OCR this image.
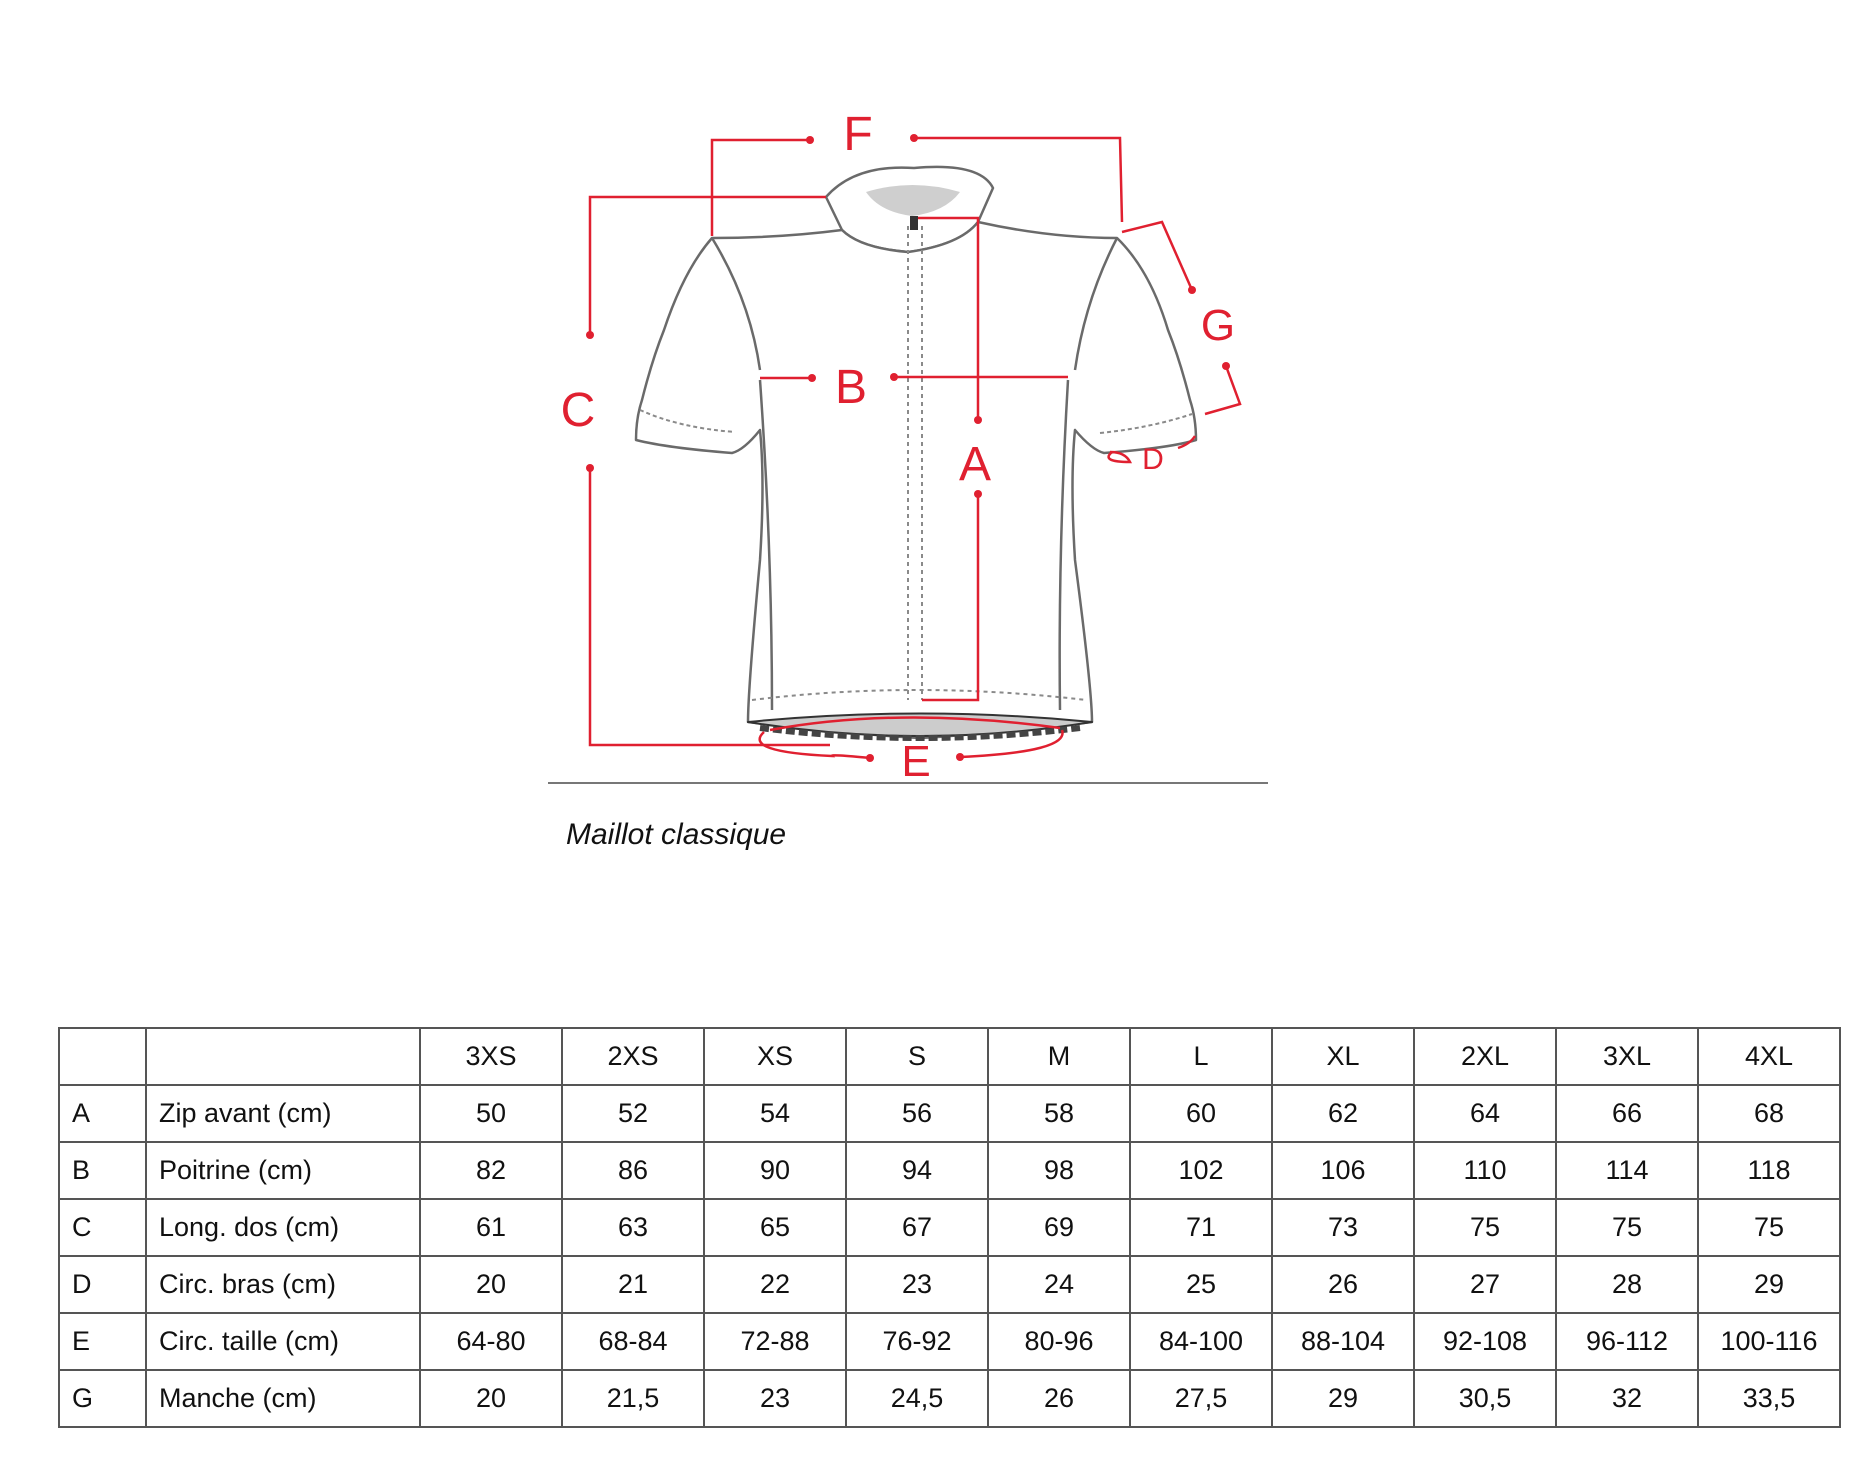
F
C	B
A
G
D
E
Maillot classique
		3XS	2XS	XS	S	M	L	XL	2XL	3XL	4XL
A	Zip avant (cm)	50	52	54	56	58	60	62	64	66	68
B	Poitrine (cm)	82	86	90	94	98	102	106	110	114	118
C	Long. dos (cm)	61	63	65	67	69	71	73	75	75	75
D	Circ. bras (cm)	20	21	22	23	24	25	26	27	28	29
E	Circ. taille (cm)	64-80	68-84	72-88	76-92	80-96	84-100	88-104	92-108	96-112	100-116
G	Manche (cm)	20	21,5	23	24,5	26	27,5	29	30,5	32	33,5
